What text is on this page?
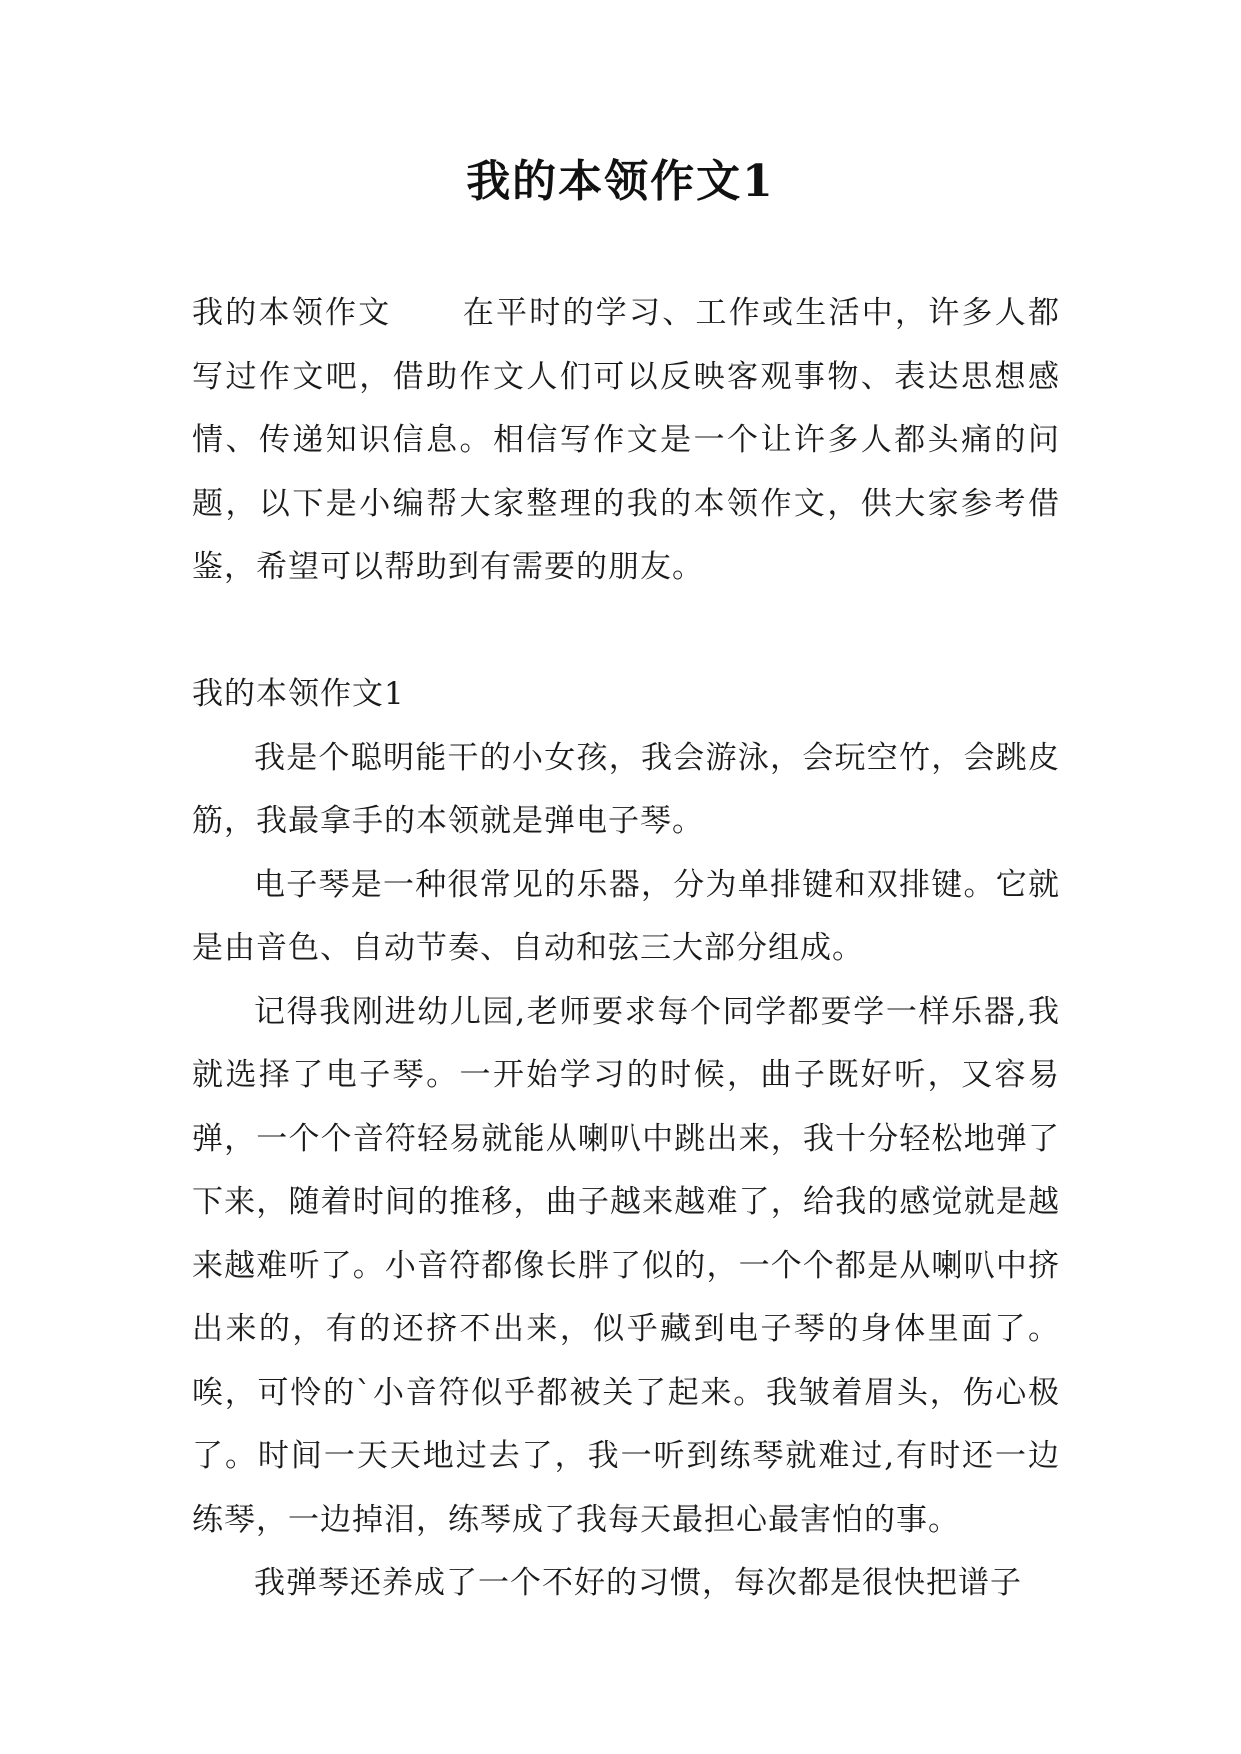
我的本领作文1

我的本领作文 在平时的学习、工作或生活中，许多人都写过作文吧，借助作文人们可以反映客观事物、表达思想感情、传递知识信息。相信写作文是一个让许多人都头痛的问题，以下是小编帮大家整理的我的本领作文，供大家参考借鉴，希望可以帮助到有需要的朋友。

我的本领作文1

我是个聪明能干的小女孩，我会游泳，会玩空竹，会跳皮筋，我最拿手的本领就是弹电子琴。

电子琴是一种很常见的乐器，分为单排键和双排键。它就是由音色、自动节奏、自动和弦三大部分组成。

记得我刚进幼儿园,老师要求每个同学都要学一样乐器,我就选择了电子琴。一开始学习的时候，曲子既好听，又容易弹，一个个音符轻易就能从喇叭中跳出来，我十分轻松地弹了下来，随着时间的推移，曲子越来越难了，给我的感觉就是越来越难听了。小音符都像长胖了似的，一个个都是从喇叭中挤出来的，有的还挤不出来，似乎藏到电子琴的身体里面了。唉，可怜的`小音符似乎都被关了起来。我皱着眉头，伤心极了。时间一天天地过去了，我一听到练琴就难过,有时还一边练琴，一边掉泪，练琴成了我每天最担心最害怕的事。

我弹琴还养成了一个不好的习惯，每次都是很快把谱子
